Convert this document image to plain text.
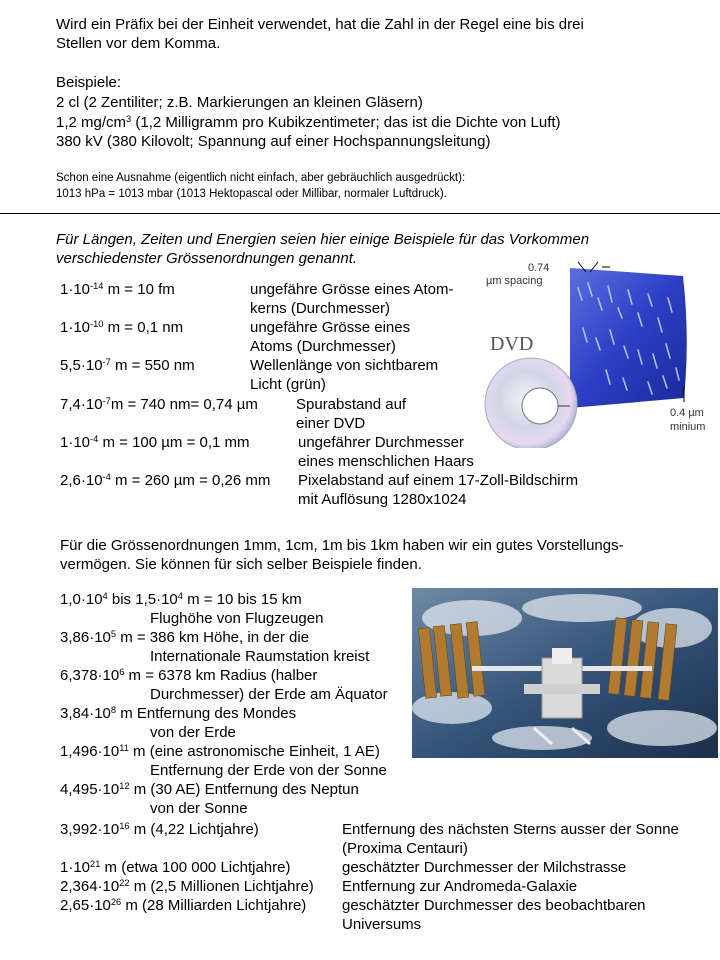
Wird ein Präfix bei der Einheit verwendet, hat die Zahl in der Regel eine bis drei
Stellen vor dem Komma.
Beispiele:
2 cl (2 Zentiliter; z.B. Markierungen an kleinen Gläsern)
1,2 $mg/cm^3$ (1,2 Milligramm pro Kubikzentimeter; das ist die Dichte von Luft)
380 kV (380 Kilovolt; Spannung auf einer Hochspannungsleitung)
Schon eine Ausnahme (eigentlich nicht einfach, aber gebräuchlich ausgedrückt):
1013 hPa = 1013 mbar (1013 Hektopascal oder Millibar, normaler Luftdruck).
Für Längen, Zeiten und Energien seien hier einige Beispiele für das Vorkommen
verschiedenster Grössenordnungen genannt.
$1\cdot 10^{-14}$ m = 10 fm	ungefähre Grösse eines Atom-
kerns (Durchmesser)
$1\cdot 10^{-10}$ m = 0,1 nm	ungefähre Grösse eines
Atoms (Durchmesser)
$5,5\cdot 10^{-7}$ m = 550 nm	Wellenlänge von sichtbarem
Licht (grün)
$7,4\cdot 10^{-7}m = 740$ nm= 0,74 µm	Spurabstand auf
einer DVD
$1\cdot 10^{-4}$ m = 100 µm = 0,1 mm	ungefährer Durchmesser
eines menschlichen Haars
$2,6\cdot 10^{-4}$ m = 260 µm = 0,26 mm Pixelabstand auf einem 17-Zoll-Bildschirm
mit Auflösung 1280x1024
DVD
0.74
µm spacing
0.4 µm
minium
Für die Grössenordnungen 1mm, 1cm, 1m bis 1km haben wir ein gutes Vorstellungs-
vermögen. Sie können für sich selber Beispiele finden.
$1,0\cdot 10^4$ bis $1,5\cdot 10^4$ m = 10 bis 15 km
Flughöhe von Flugzeugen
$3,86\cdot 10^5$ m = 386 km Höhe, in der die
Internationale Raumstation kreist
$6,378\cdot 10^6$ m = 6378 km Radius (halber
Durchmesser) der Erde am Äquator
$3,84\cdot 10^8$ m Entfernung des Mondes
von der Erde
$1,496\cdot 10^{11}$ m (eine astronomische Einheit, 1 AE)
Entfernung der Erde von der Sonne
$4,495\cdot 10^{12}$ m (30 AE) Entfernung des Neptun
von der Sonne
$3,992\cdot 10^{16}$ m (4,22 Lichtjahre)	Entfernung des nächsten Sterns ausser der Sonne
(Proxima Centauri)
$1\cdot 10^{21}$ m (etwa 100 000 Lichtjahre)	geschätzter Durchmesser der Milchstrasse
$2,364\cdot 10^{22}$ m (2,5 Millionen Lichtjahre) Entfernung zur Andromeda-Galaxie
$2,65\cdot 10^{26}$ m (28 Milliarden Lichtjahre) geschätzter Durchmesser des beobachtbaren
Universums
